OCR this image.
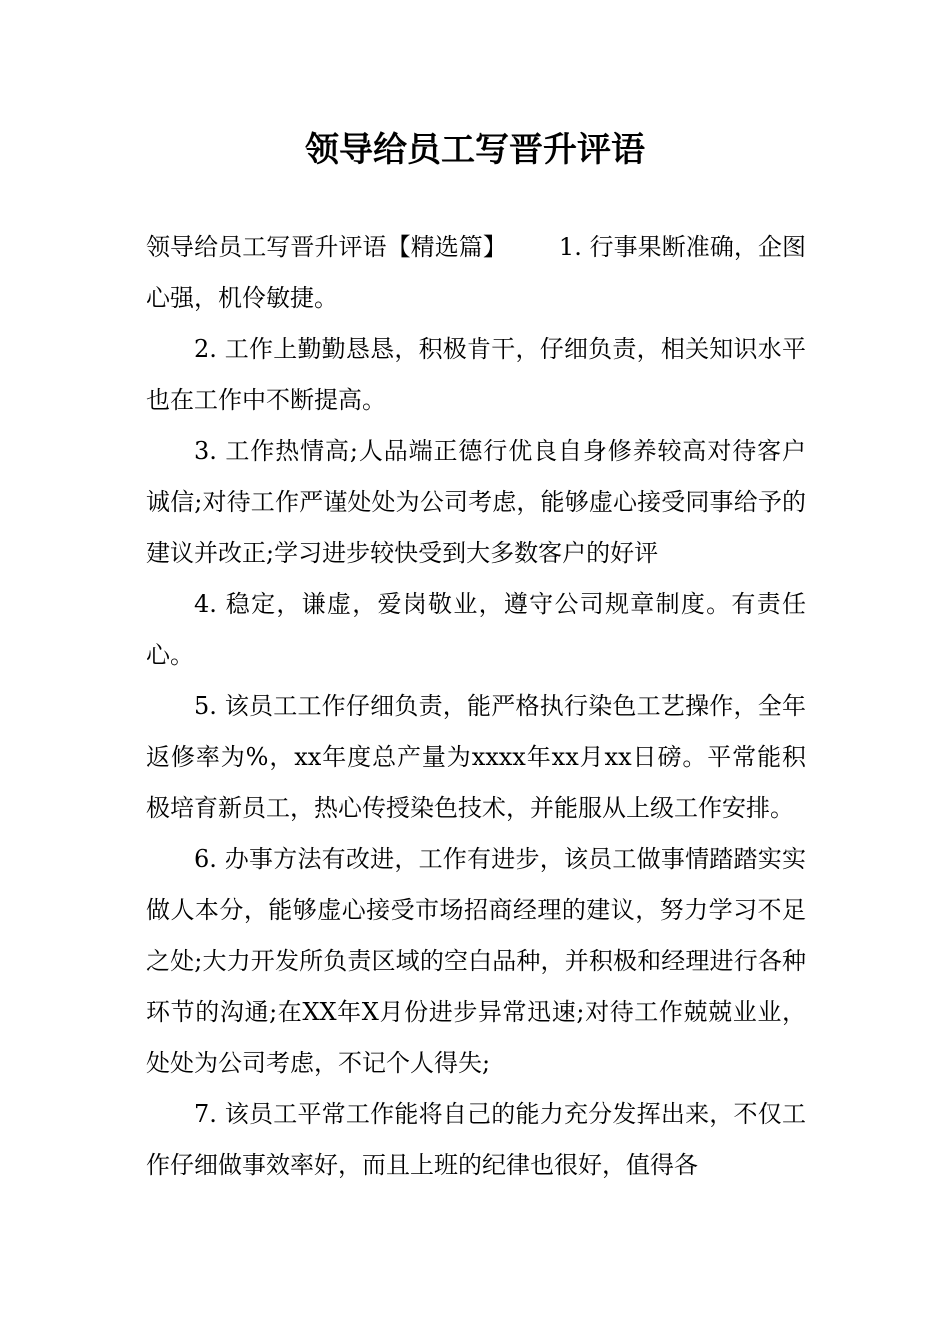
领导给员工写晋升评语

领导给员工写晋升评语【精选篇】 1. 行事果断准确，企图心强，机伶敏捷。

2. 工作上勤勤恳恳，积极肯干，仔细负责，相关知识水平也在工作中不断提高。

3. 工作热情高;人品端正德行优良自身修养较高对待客户诚信;对待工作严谨处处为公司考虑，能够虚心接受同事给予的建议并改正;学习进步较快受到大多数客户的好评

4. 稳定，谦虚，爱岗敬业，遵守公司规章制度。有责任心。

5. 该员工工作仔细负责，能严格执行染色工艺操作，全年返修率为%，xx年度总产量为xxxx年xx月xx日磅。平常能积极培育新员工，热心传授染色技术，并能服从上级工作安排。

6. 办事方法有改进，工作有进步，该员工做事情踏踏实实做人本分，能够虚心接受市场招商经理的建议，努力学习不足之处;大力开发所负责区域的空白品种，并积极和经理进行各种环节的沟通;在XX年X月份进步异常迅速;对待工作兢兢业业，处处为公司考虑，不记个人得失;

7. 该员工平常工作能将自己的能力充分发挥出来，不仅工作仔细做事效率好，而且上班的纪律也很好，值得各
